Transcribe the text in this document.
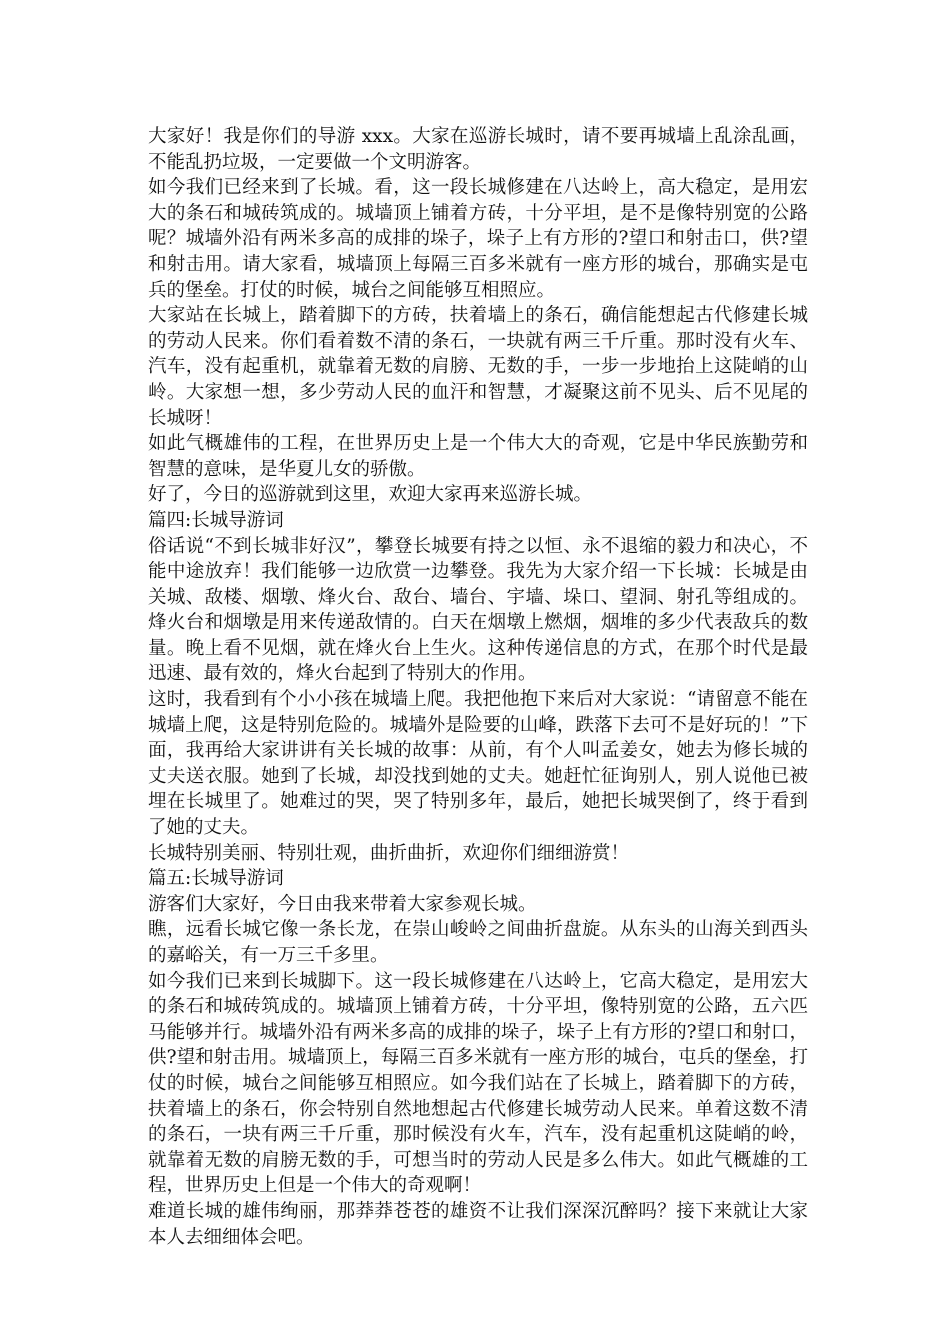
大家好！我是你们的导游 xxx。大家在巡游长城时，请不要再城墙上乱涂乱画，不能乱扔垃圾，一定要做一个文明游客。

如今我们已经来到了长城。看，这一段长城修建在八达岭上，高大稳定，是用宏大的条石和城砖筑成的。城墙顶上铺着方砖，十分平坦，是不是像特别宽的公路呢？城墙外沿有两米多高的成排的垛子，垛子上有方形的?望口和射击口，供?望和射击用。请大家看，城墙顶上每隔三百多米就有一座方形的城台，那确实是屯兵的堡垒。打仗的时候，城台之间能够互相照应。

大家站在长城上，踏着脚下的方砖，扶着墙上的条石，确信能想起古代修建长城的劳动人民来。你们看着数不清的条石，一块就有两三千斤重。那时没有火车、汽车，没有起重机，就靠着无数的肩膀、无数的手，一步一步地抬上这陡峭的山岭。大家想一想，多少劳动人民的血汗和智慧，才凝聚这前不见头、后不见尾的长城呀！

如此气概雄伟的工程，在世界历史上是一个伟大大的奇观，它是中华民族勤劳和智慧的意味，是华夏儿女的骄傲。

好了，今日的巡游就到这里，欢迎大家再来巡游长城。

篇四:长城导游词

俗话说“不到长城非好汉”，攀登长城要有持之以恒、永不退缩的毅力和决心，不能中途放弃！我们能够一边欣赏一边攀登。我先为大家介绍一下长城：长城是由关城、敌楼、烟墩、烽火台、敌台、墙台、宇墙、垛口、望洞、射孔等组成的。烽火台和烟墩是用来传递敌情的。白天在烟墩上燃烟，烟堆的多少代表敌兵的数量。晚上看不见烟，就在烽火台上生火。这种传递信息的方式，在那个时代是最迅速、最有效的，烽火台起到了特别大的作用。

这时，我看到有个小小孩在城墙上爬。我把他抱下来后对大家说：“请留意不能在城墙上爬，这是特别危险的。城墙外是险要的山峰，跌落下去可不是好玩的！”下面，我再给大家讲讲有关长城的故事：从前，有个人叫孟姜女，她去为修长城的丈夫送衣服。她到了长城，却没找到她的丈夫。她赶忙征询别人，别人说他已被埋在长城里了。她难过的哭，哭了特别多年，最后，她把长城哭倒了，终于看到了她的丈夫。

长城特别美丽、特别壮观，曲折曲折，欢迎你们细细游赏！

篇五:长城导游词

游客们大家好，今日由我来带着大家参观长城。

瞧，远看长城它像一条长龙，在崇山峻岭之间曲折盘旋。从东头的山海关到西头的嘉峪关，有一万三千多里。

如今我们已来到长城脚下。这一段长城修建在八达岭上，它高大稳定，是用宏大的条石和城砖筑成的。城墙顶上铺着方砖，十分平坦，像特别宽的公路，五六匹马能够并行。城墙外沿有两米多高的成排的垛子，垛子上有方形的?望口和射口，供?望和射击用。城墙顶上，每隔三百多米就有一座方形的城台，屯兵的堡垒，打仗的时候，城台之间能够互相照应。如今我们站在了长城上，踏着脚下的方砖，扶着墙上的条石，你会特别自然地想起古代修建长城劳动人民来。单着这数不清的条石，一块有两三千斤重，那时候没有火车，汽车，没有起重机这陡峭的岭，就靠着无数的肩膀无数的手，可想当时的劳动人民是多么伟大。如此气概雄的工程，世界历史上但是一个伟大的奇观啊！

难道长城的雄伟绚丽，那莽莽苍苍的雄资不让我们深深沉醉吗？接下来就让大家本人去细细体会吧。
